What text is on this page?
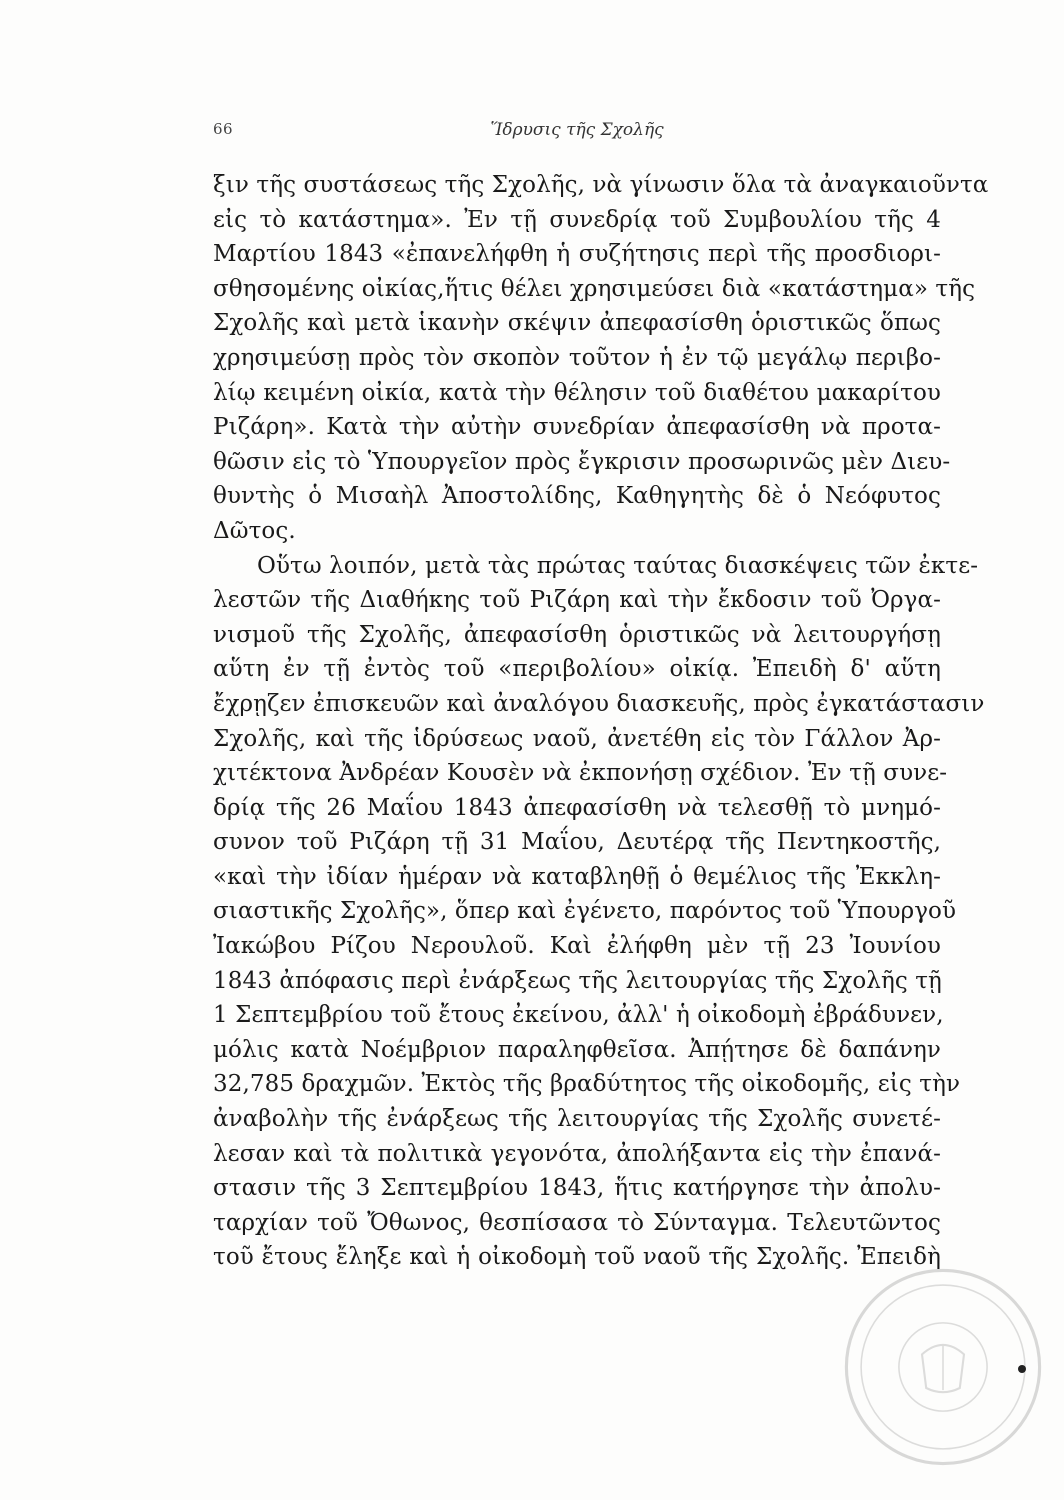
66	Ἵδρυσις τῆς Σχολῆς
ξιν τῆς συστάσεως τῆς Σχολῆς, νὰ γίνωσιν ὅλα τὰ ἀναγκαιοῦντα
εἰς τὸ κατάστημα». Ἐν τῇ συνεδρίᾳ τοῦ Συμβουλίου τῆς 4
Μαρτίου 1843 «ἐπανελήφθη ἡ συζήτησις περὶ τῆς προσδιορι-
σθησομένης οἰκίας,ἥτις θέλει χρησιμεύσει διὰ «κατάστημα» τῆς
Σχολῆς καὶ μετὰ ἱκανὴν σκέψιν ἀπεφασίσθη ὁριστικῶς ὅπως
χρησιμεύσῃ πρὸς τὸν σκοπὸν τοῦτον ἡ ἐν τῷ μεγάλῳ περιβο-
λίῳ κειμένη οἰκία, κατὰ τὴν θέλησιν τοῦ διαθέτου μακαρίτου
Ριζάρη». Κατὰ τὴν αὐτὴν συνεδρίαν ἀπεφασίσθη νὰ προτα-
θῶσιν εἰς τὸ Ὑπουργεῖον πρὸς ἔγκρισιν προσωρινῶς μὲν Διευ-
θυντὴς ὁ Μισαὴλ Ἀποστολίδης, Καθηγητὴς δὲ ὁ Νεόφυτος
Δῶτος.
Οὕτω λοιπόν, μετὰ τὰς πρώτας ταύτας διασκέψεις τῶν ἐκτε-
λεστῶν τῆς Διαθήκης τοῦ Ριζάρη καὶ τὴν ἔκδοσιν τοῦ Ὀργα-
νισμοῦ τῆς Σχολῆς, ἀπεφασίσθη ὁριστικῶς νὰ λειτουργήσῃ
αὕτη ἐν τῇ ἐντὸς τοῦ «περιβολίου» οἰκίᾳ. Ἐπειδὴ δ' αὕτη
ἔχρῃζεν ἐπισκευῶν καὶ ἀναλόγου διασκευῆς, πρὸς ἐγκατάστασιν
Σχολῆς, καὶ τῆς ἱδρύσεως ναοῦ, ἀνετέθη εἰς τὸν Γάλλον Ἀρ-
χιτέκτονα Ἀνδρέαν Κουσὲν νὰ ἐκπονήσῃ σχέδιον. Ἐν τῇ συνε-
δρίᾳ τῆς 26 Μαΐου 1843 ἀπεφασίσθη νὰ τελεσθῇ τὸ μνημό-
συνον τοῦ Ριζάρη τῇ 31 Μαΐου, Δευτέρᾳ τῆς Πεντηκοστῆς,
«καὶ τὴν ἰδίαν ἡμέραν νὰ καταβληθῇ ὁ θεμέλιος τῆς Ἐκκλη-
σιαστικῆς Σχολῆς», ὅπερ καὶ ἐγένετο, παρόντος τοῦ Ὑπουργοῦ
Ἰακώβου Ρίζου Νερουλοῦ. Καὶ ἐλήφθη μὲν τῇ 23 Ἰουνίου
1843 ἀπόφασις περὶ ἐνάρξεως τῆς λειτουργίας τῆς Σχολῆς τῇ
1 Σεπτεμβρίου τοῦ ἔτους ἐκείνου, ἀλλ' ἡ οἰκοδομὴ ἐβράδυνεν,
μόλις κατὰ Νοέμβριον παραληφθεῖσα. Ἀπῄτησε δὲ δαπάνην
32,785 δραχμῶν. Ἐκτὸς τῆς βραδύτητος τῆς οἰκοδομῆς, εἰς τὴν
ἀναβολὴν τῆς ἐνάρξεως τῆς λειτουργίας τῆς Σχολῆς συνετέ-
λεσαν καὶ τὰ πολιτικὰ γεγονότα, ἀπολήξαντα εἰς τὴν ἐπανά-
στασιν τῆς 3 Σεπτεμβρίου 1843, ἥτις κατήργησε τὴν ἀπολυ-
ταρχίαν τοῦ Ὄθωνος, θεσπίσασα τὸ Σύνταγμα. Τελευτῶντος
τοῦ ἔτους ἔληξε καὶ ἡ οἰκοδομὴ τοῦ ναοῦ τῆς Σχολῆς. Ἐπειδὴ
